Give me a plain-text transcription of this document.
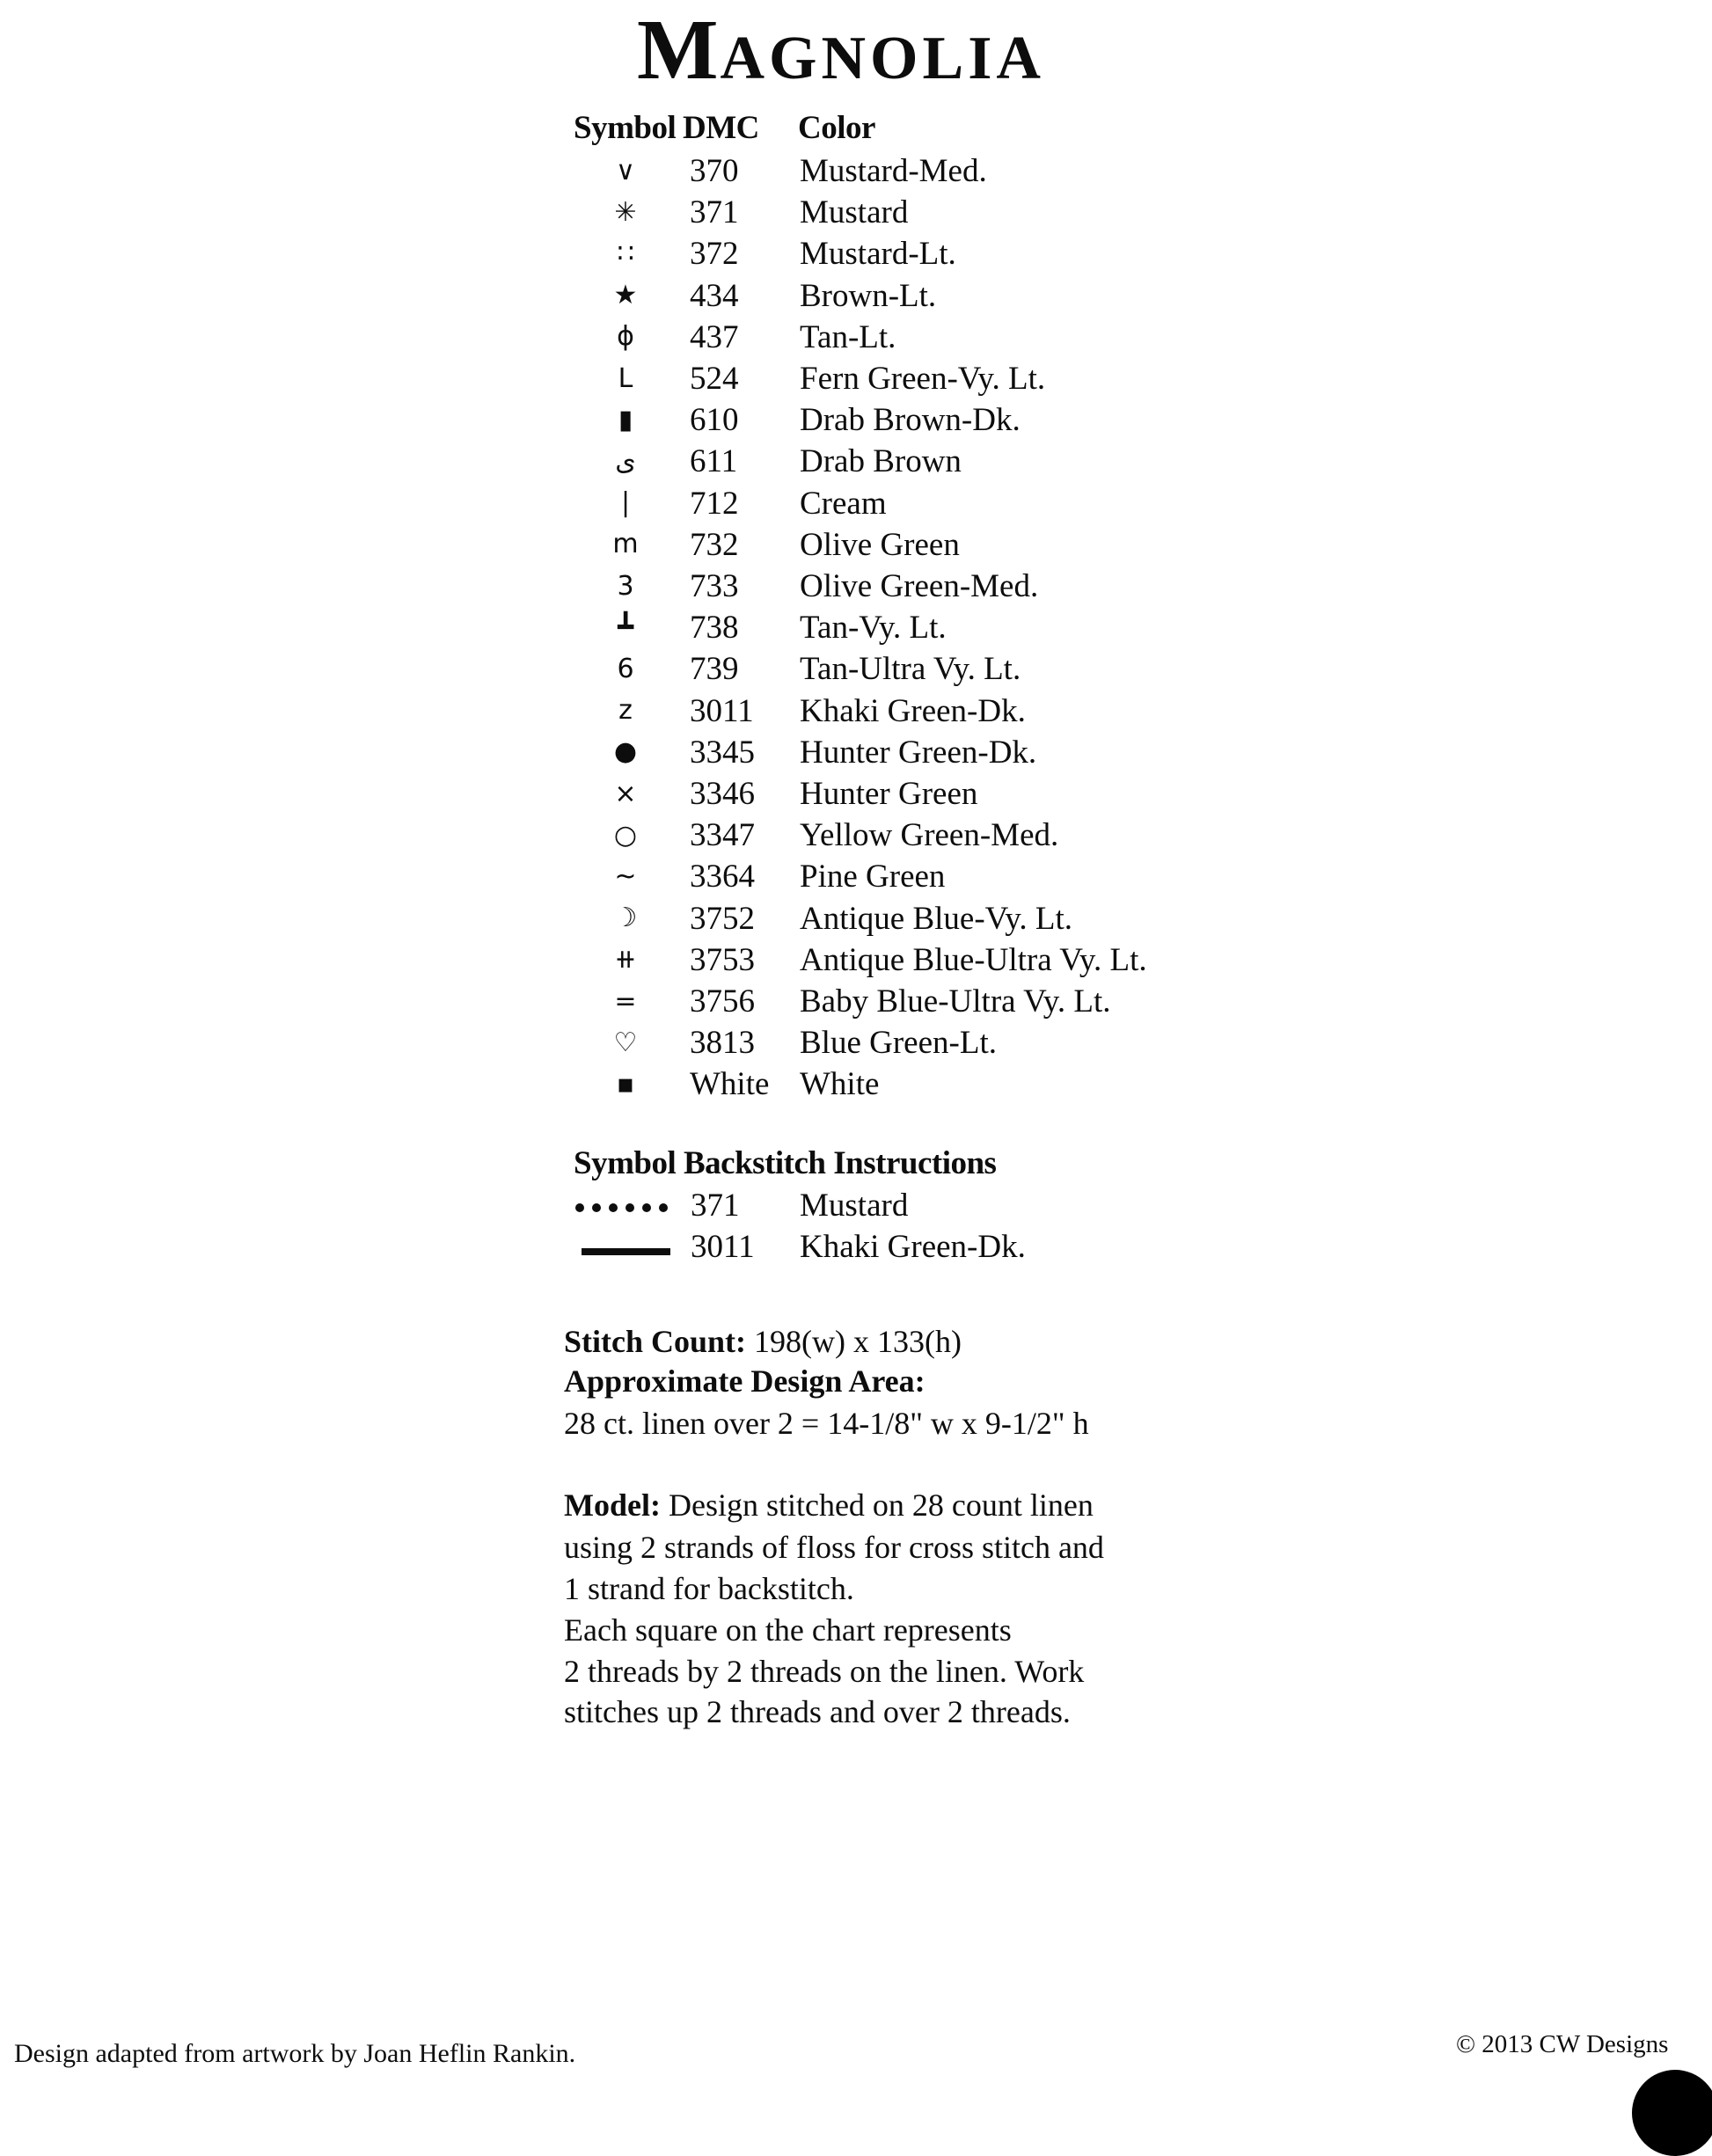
MAGNOLIA
Symbol DMC Color
∨ 370 Mustard-Med.
✳ 371 Mustard
∷ 372 Mustard-Lt.
★ 434 Brown-Lt.
ɸ 437 Tan-Lt.
L 524 Fern Green-Vy. Lt.
▮ 610 Drab Brown-Dk.
ى 611 Drab Brown
| 712 Cream
m 732 Olive Green
3 733 Olive Green-Med.
┻ 738 Tan-Vy. Lt.
6 739 Tan-Ultra Vy. Lt.
z 3011 Khaki Green-Dk.
● 3345 Hunter Green-Dk.
× 3346 Hunter Green
○ 3347 Yellow Green-Med.
~ 3364 Pine Green
☽ 3752 Antique Blue-Vy. Lt.
⧺ 3753 Antique Blue-Ultra Vy. Lt.
= 3756 Baby Blue-Ultra Vy. Lt.
♡ 3813 Blue Green-Lt.
▪ White White
Symbol Backstitch Instructions
371 Mustard
3011 Khaki Green-Dk.
Stitch Count: 198(w) x 133(h)
Approximate Design Area:
28 ct. linen over 2 = 14-1/8" w x 9-1/2" h
Model: Design stitched on 28 count linen
using 2 strands of floss for cross stitch and
1 strand for backstitch.
Each square on the chart represents
2 threads by 2 threads on the linen. Work
stitches up 2 threads and over 2 threads.
Design adapted from artwork by Joan Heflin Rankin.	© 2013 CW Designs
